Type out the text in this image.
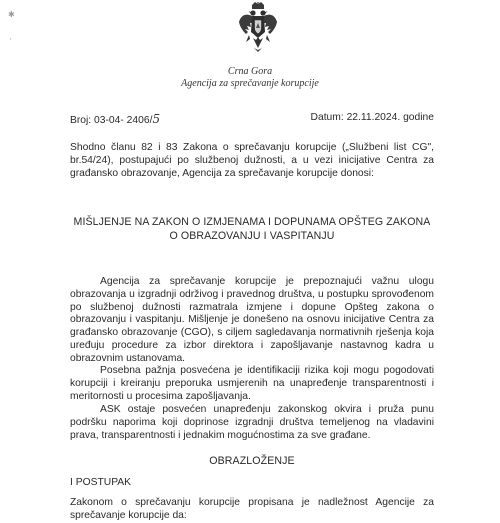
✱
'
Crna Gora
Agencija za sprečavanje korupcije
Broj: 03-04- 2406/5	Datum: 22.11.2024. godine

Shodno članu 82 i 83 Zakona o sprečavanju korupcije („Službeni list CG", br.54/24), postupajući po službenoj dužnosti, a u vezi inicijative Centra za građansko obrazovanje, Agencija za sprečavanje korupcije donosi:

MIŠLJENJE NA ZAKON O IZMJENAMA I DOPUNAMA OPŠTEG ZAKONA O OBRAZOVANJU I VASPITANJU

Agencija za sprečavanje korupcije je prepoznajući važnu ulogu obrazovanja u izgradnji održivog i pravednog društva, u postupku sprovođenom po službenoj dužnosti razmatrala izmjene i dopune Opšteg zakona o obrazovanju i vaspitanju. Mišljenje je donešeno na osnovu inicijative Centra za građansko obrazovanje (CGO), s ciljem sagledavanja normativnih rješenja koja uređuju procedure za izbor direktora i zapošljavanje nastavnog kadra u obrazovnim ustanovama.

Posebna pažnja posvećena je identifikaciji rizika koji mogu pogodovati korupciji i kreiranju preporuka usmjerenih na unapređenje transparentnosti i meritornosti u procesima zapošljavanja.

ASK ostaje posvećen unapređenju zakonskog okvira i pruža punu podršku naporima koji doprinose izgradnji društva temeljenog na vladavini prava, transparentnosti i jednakim mogućnostima za sve građane.

OBRAZLOŽENJE

I POSTUPAK

Zakonom o sprečavanju korupcije propisana je nadležnost Agencije za sprečavanje korupcije da:
